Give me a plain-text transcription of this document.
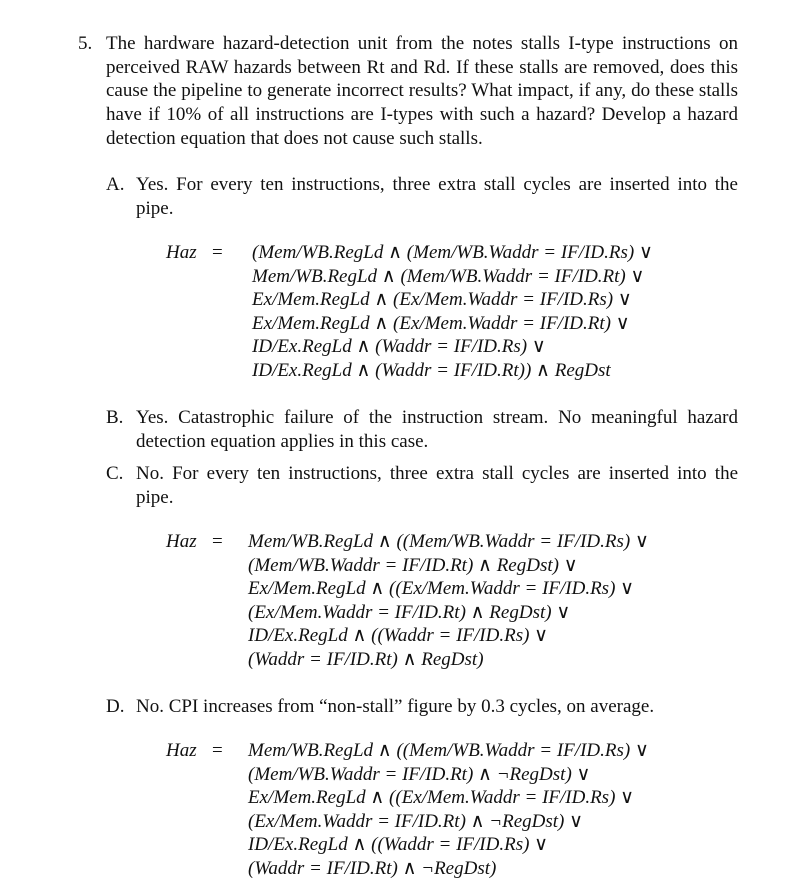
5. The hardware hazard-detection unit from the notes stalls I-type instructions on perceived RAW hazards between Rt and Rd. If these stalls are removed, does this cause the pipeline to generate incorrect results? What impact, if any, do these stalls have if 10% of all instructions are I-types with such a hazard? Develop a hazard detection equation that does not cause such stalls.
A. Yes. For every ten instructions, three extra stall cycles are inserted into the pipe.
Haz = (Mem/WB.RegLd ∧ (Mem/WB.Waddr = IF/ID.Rs) ∨
Mem/WB.RegLd ∧ (Mem/WB.Waddr = IF/ID.Rt) ∨
Ex/Mem.RegLd ∧ (Ex/Mem.Waddr = IF/ID.Rs) ∨
Ex/Mem.RegLd ∧ (Ex/Mem.Waddr = IF/ID.Rt) ∨
ID/Ex.RegLd ∧ (Waddr = IF/ID.Rs) ∨
ID/Ex.RegLd ∧ (Waddr = IF/ID.Rt)) ∧ RegDst
B. Yes. Catastrophic failure of the instruction stream. No meaningful hazard detection equation applies in this case.
C. No. For every ten instructions, three extra stall cycles are inserted into the pipe.
Haz = Mem/WB.RegLd ∧ ((Mem/WB.Waddr = IF/ID.Rs) ∨
(Mem/WB.Waddr = IF/ID.Rt) ∧ RegDst) ∨
Ex/Mem.RegLd ∧ ((Ex/Mem.Waddr = IF/ID.Rs) ∨
(Ex/Mem.Waddr = IF/ID.Rt) ∧ RegDst) ∨
ID/Ex.RegLd ∧ ((Waddr = IF/ID.Rs) ∨
(Waddr = IF/ID.Rt) ∧ RegDst)
D. No. CPI increases from “non-stall” figure by 0.3 cycles, on average.
Haz = Mem/WB.RegLd ∧ ((Mem/WB.Waddr = IF/ID.Rs) ∨
(Mem/WB.Waddr = IF/ID.Rt) ∧ ¬RegDst) ∨
Ex/Mem.RegLd ∧ ((Ex/Mem.Waddr = IF/ID.Rs) ∨
(Ex/Mem.Waddr = IF/ID.Rt) ∧ ¬RegDst) ∨
ID/Ex.RegLd ∧ ((Waddr = IF/ID.Rs) ∨
(Waddr = IF/ID.Rt) ∧ ¬RegDst)
